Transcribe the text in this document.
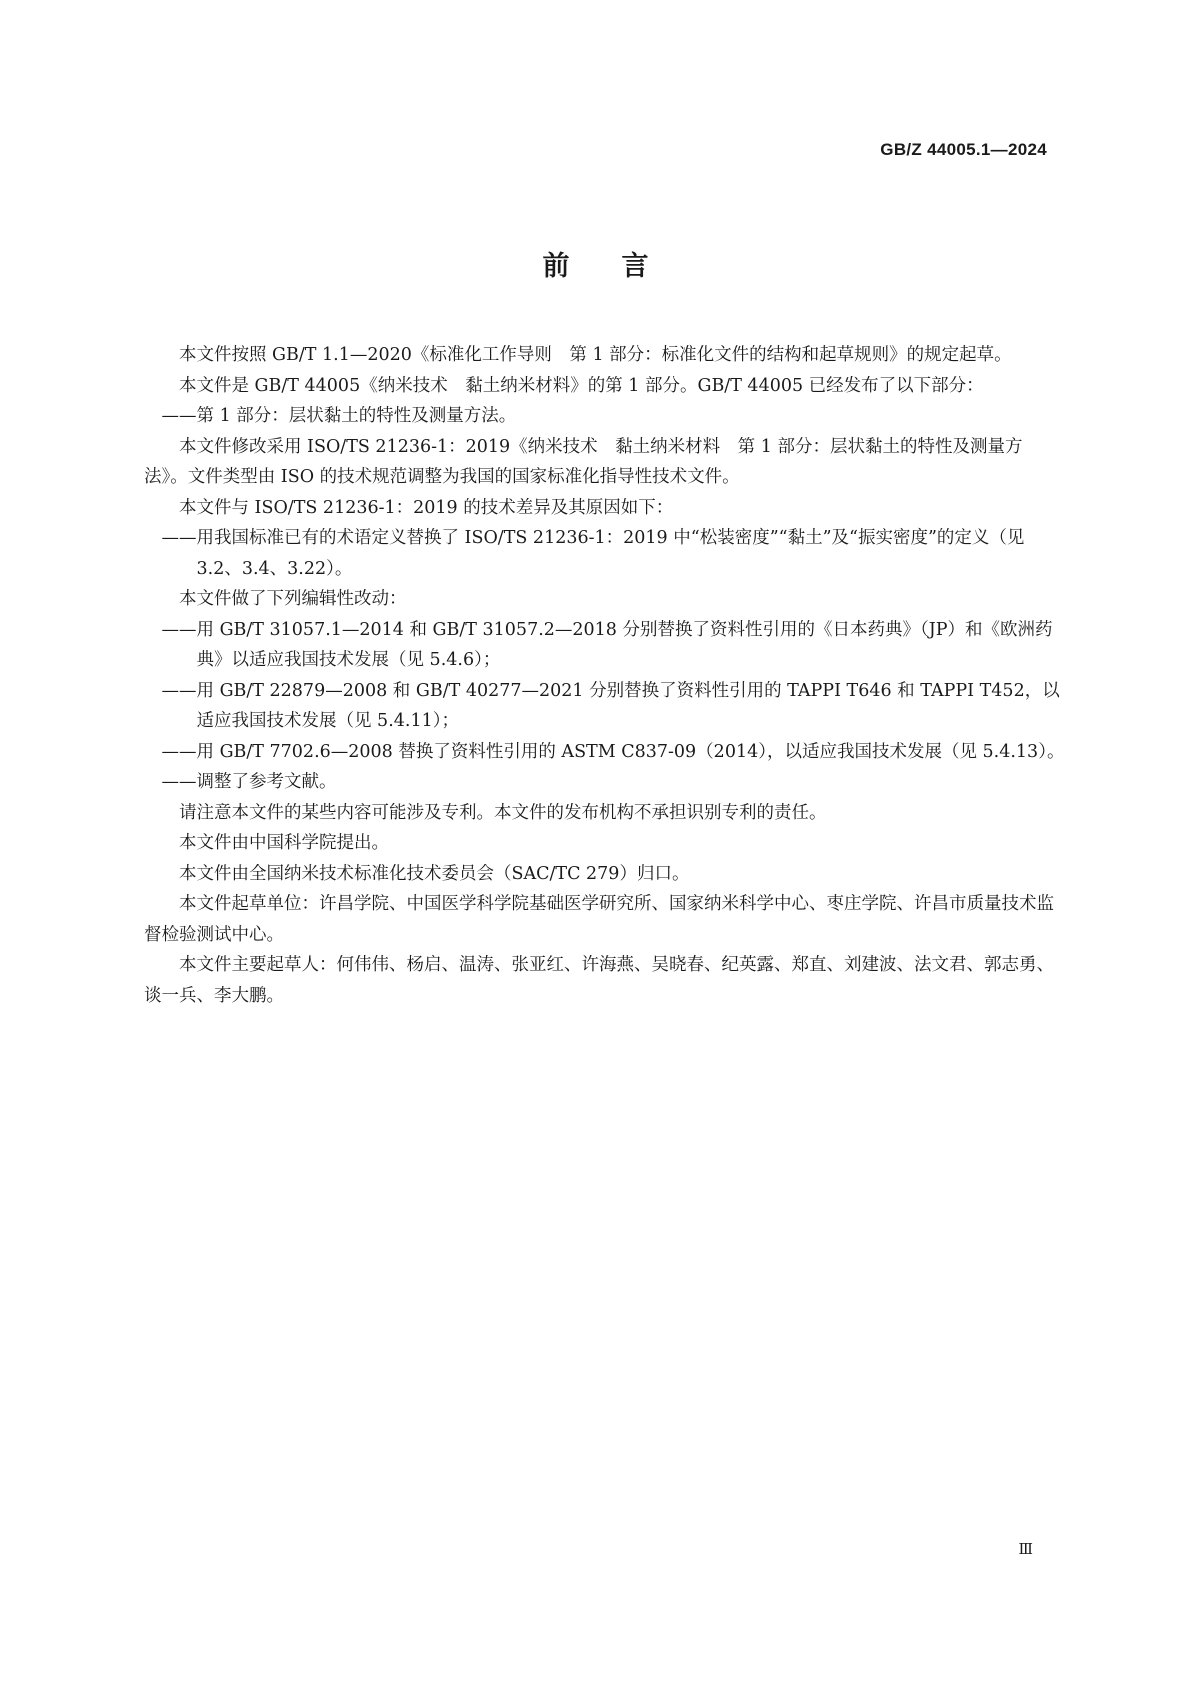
GB/Z 44005.1—2024
前言

本文件按照 GB/T 1.1—2020《标准化工作导则　第 1 部分：标准化文件的结构和起草规则》的规定起草。

本文件是 GB/T 44005《纳米技术　黏土纳米材料》的第 1 部分。GB/T 44005 已经发布了以下部分：

——第 1 部分：层状黏土的特性及测量方法。

本文件修改采用 ISO/TS 21236-1：2019《纳米技术　黏土纳米材料　第 1 部分：层状黏土的特性及测量方法》。文件类型由 ISO 的技术规范调整为我国的国家标准化指导性技术文件。

本文件与 ISO/TS 21236-1：2019 的技术差异及其原因如下：

——用我国标准已有的术语定义替换了 ISO/TS 21236-1：2019 中“松装密度”“黏土”及“振实密度”的定义（见 3.2、3.4、3.22）。

本文件做了下列编辑性改动：

——用 GB/T 31057.1—2014 和 GB/T 31057.2—2018 分别替换了资料性引用的《日本药典》（JP）和《欧洲药典》以适应我国技术发展（见 5.4.6）；

——用 GB/T 22879—2008 和 GB/T 40277—2021 分别替换了资料性引用的 TAPPI T646 和 TAPPI T452，以适应我国技术发展（见 5.4.11）；

——用 GB/T 7702.6—2008 替换了资料性引用的 ASTM C837-09（2014），以适应我国技术发展（见 5.4.13）。

——调整了参考文献。

请注意本文件的某些内容可能涉及专利。本文件的发布机构不承担识别专利的责任。

本文件由中国科学院提出。

本文件由全国纳米技术标准化技术委员会（SAC/TC 279）归口。

本文件起草单位：许昌学院、中国医学科学院基础医学研究所、国家纳米科学中心、枣庄学院、许昌市质量技术监督检验测试中心。

本文件主要起草人：何伟伟、杨启、温涛、张亚红、许海燕、吴晓春、纪英露、郑直、刘建波、法文君、郭志勇、谈一兵、李大鹏。

Ⅲ
